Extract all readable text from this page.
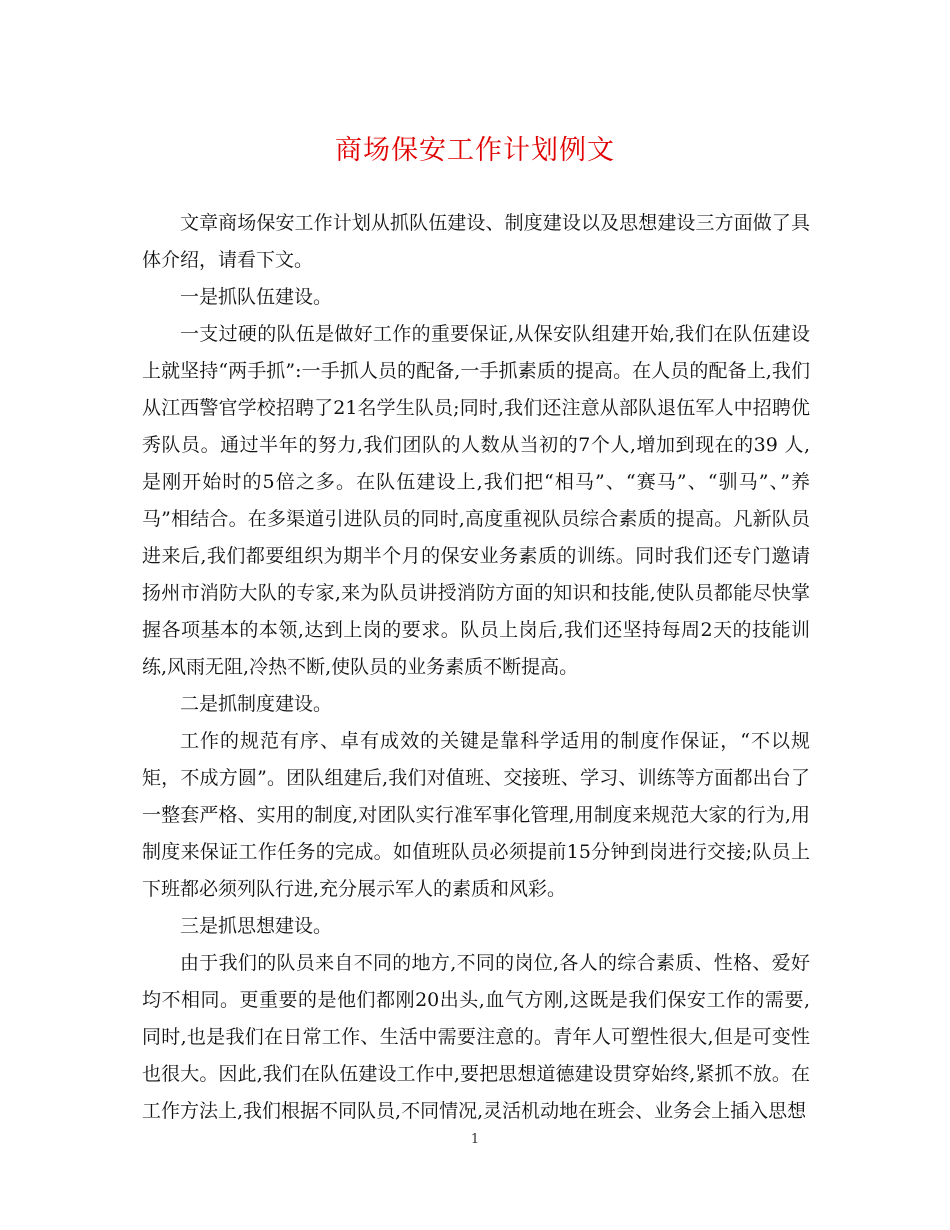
商场保安工作计划例文

文章商场保安工作计划从抓队伍建设、制度建设以及思想建设三方面做了具体介绍，请看下文。

一是抓队伍建设。

一支过硬的队伍是做好工作的重要保证,从保安队组建开始,我们在队伍建设上就坚持“两手抓”:一手抓人员的配备,一手抓素质的提高。在人员的配备上,我们从江西警官学校招聘了21名学生队员;同时,我们还注意从部队退伍军人中招聘优秀队员。通过半年的努力,我们团队的人数从当初的7个人,增加到现在的39 人,是刚开始时的5倍之多。在队伍建设上,我们把“相马”、“赛马”、“驯马”、”养马”相结合。在多渠道引进队员的同时,高度重视队员综合素质的提高。凡新队员进来后,我们都要组织为期半个月的保安业务素质的训练。同时我们还专门邀请扬州市消防大队的专家,来为队员讲授消防方面的知识和技能,使队员都能尽快掌握各项基本的本领,达到上岗的要求。队员上岗后,我们还坚持每周2天的技能训练,风雨无阻,冷热不断,使队员的业务素质不断提高。

二是抓制度建设。

工作的规范有序、卓有成效的关键是靠科学适用的制度作保证，“不以规矩，不成方圆”。团队组建后,我们对值班、交接班、学习、训练等方面都出台了一整套严格、实用的制度,对团队实行准军事化管理,用制度来规范大家的行为,用制度来保证工作任务的完成。如值班队员必须提前15分钟到岗进行交接;队员上下班都必须列队行进,充分展示军人的素质和风彩。

三是抓思想建设。

由于我们的队员来自不同的地方,不同的岗位,各人的综合素质、性格、爱好均不相同。更重要的是他们都刚20出头,血气方刚,这既是我们保安工作的需要,同时,也是我们在日常工作、生活中需要注意的。青年人可塑性很大,但是可变性也很大。因此,我们在队伍建设工作中,要把思想道德建设贯穿始终,紧抓不放。在工作方法上,我们根据不同队员,不同情况,灵活机动地在班会、业务会上插入思想

1
